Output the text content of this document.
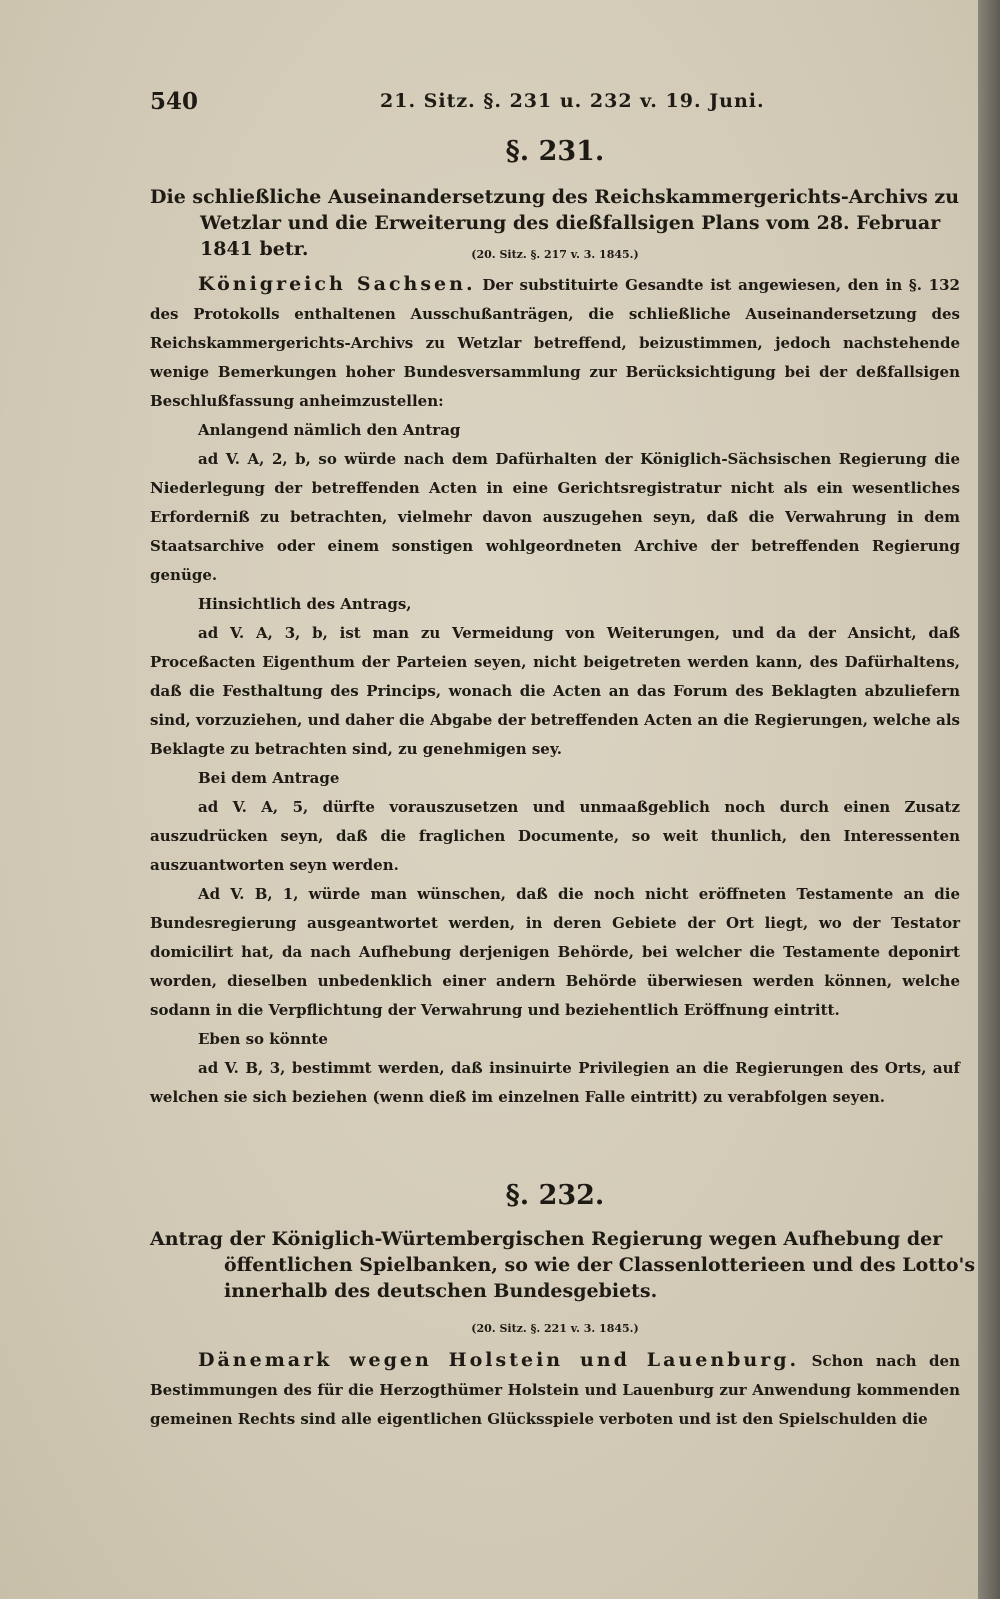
540	21. Sitz. §. 231 u. 232 v. 19. Juni.
§. 231.
Die schließliche Auseinandersetzung des Reichskammergerichts-Archivs zu Wetzlar und die Erweiterung des dießfallsigen Plans vom 28. Februar 1841 betr.	(20. Sitz. §. 217 v. 3. 1845.)

Königreich Sachsen. Der substituirte Gesandte ist angewiesen, den in §. 132 des Protokolls enthaltenen Ausschußanträgen, die schließliche Auseinandersetzung des Reichskammergerichts-Archivs zu Wetzlar betreffend, beizustimmen, jedoch nachstehende wenige Bemerkungen hoher Bundesversammlung zur Berücksichtigung bei der deßfallsigen Beschlußfassung anheimzustellen:

Anlangend nämlich den Antrag

ad V. A, 2, b, so würde nach dem Dafürhalten der Königlich-Sächsischen Regierung die Niederlegung der betreffenden Acten in eine Gerichtsregistratur nicht als ein wesentliches Erforderniß zu betrachten, vielmehr davon auszugehen seyn, daß die Verwahrung in dem Staatsarchive oder einem sonstigen wohlgeordneten Archive der betreffenden Regierung genüge.

Hinsichtlich des Antrags,

ad V. A, 3, b, ist man zu Vermeidung von Weiterungen, und da der Ansicht, daß Proceßacten Eigenthum der Parteien seyen, nicht beigetreten werden kann, des Dafürhaltens, daß die Festhaltung des Princips, wonach die Acten an das Forum des Beklagten abzuliefern sind, vorzuziehen, und daher die Abgabe der betreffenden Acten an die Regierungen, welche als Beklagte zu betrachten sind, zu genehmigen sey.

Bei dem Antrage

ad V. A, 5, dürfte vorauszusetzen und unmaaßgeblich noch durch einen Zusatz auszudrücken seyn, daß die fraglichen Documente, so weit thunlich, den Interessenten auszuantworten seyn werden.

Ad V. B, 1, würde man wünschen, daß die noch nicht eröffneten Testamente an die Bundesregierung ausgeantwortet werden, in deren Gebiete der Ort liegt, wo der Testator domicilirt hat, da nach Aufhebung derjenigen Behörde, bei welcher die Testamente deponirt worden, dieselben unbedenklich einer andern Behörde überwiesen werden können, welche sodann in die Verpflichtung der Verwahrung und beziehentlich Eröffnung eintritt.

Eben so könnte

ad V. B, 3, bestimmt werden, daß insinuirte Privilegien an die Regierungen des Orts, auf welchen sie sich beziehen (wenn dieß im einzelnen Falle eintritt) zu verabfolgen seyen.

§. 232.
Antrag der Königlich-Würtembergischen Regierung wegen Aufhebung der öffentlichen Spielbanken, so wie der Classenlotterieen und des Lotto's innerhalb des deutschen Bundesgebiets.
(20. Sitz. §. 221 v. 3. 1845.)

Dänemark wegen Holstein und Lauenburg. Schon nach den Bestimmungen des für die Herzogthümer Holstein und Lauenburg zur Anwendung kommenden gemeinen Rechts sind alle eigentlichen Glücksspiele verboten und ist den Spielschulden die
